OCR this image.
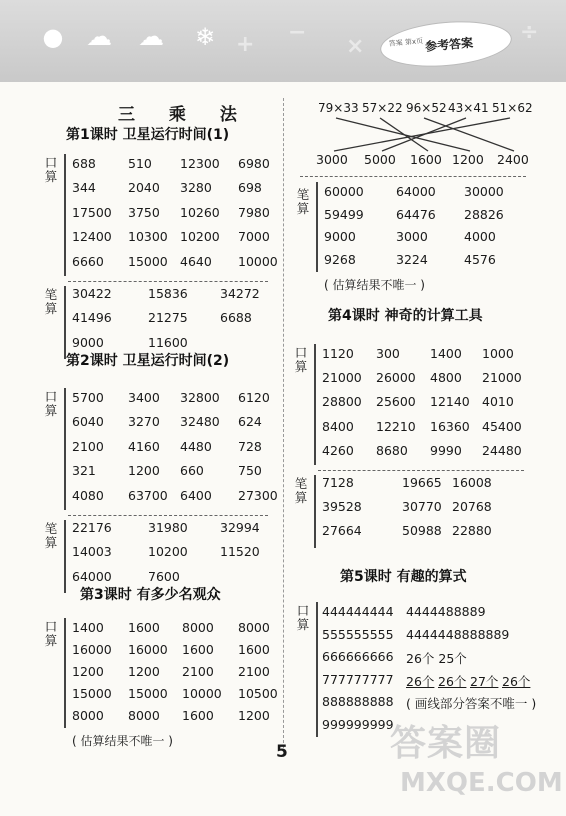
● ☁ ☁ ❄ + −
×
÷
答案 第x页 参考答案
三 乘 法
第1课时 卫星运行时间(1)
口
算
688	510 12300 6980
344	2040 3280 698
17500 3750 10260 7980
12400 10300 10200 7000
6660 15000 4640 10000
笔
算
30422	15836	34272
41496	21275	6688
9000	11600
第2课时 卫星运行时间(2)
口
算
5700 3400 32800 6120
6040 3270 32480 624
2100 4160 4480 728
321	1200 660	750
4080 63700 6400 27300
笔
算
22176	31980	32994
14003	10200	11520
64000	7600
第3课时 有多少名观众
口
算
1400 1600 8000 8000
16000 16000 1600 1600
1200 1200 2100 2100
15000 15000 10000 10500
8000 8000 1600 1200
( 估算结果不唯一 )
79×33 57×22 96×52 43×41 51×62
3000 5000 1600 1200 2400
笔
算
60000	64000 30000
59499	64476 28826
9000	3000	4000
9268	3224	4576
( 估算结果不唯一 )
第4课时 神奇的计算工具
口
算
1120 300 1400 1000
21000 26000 4800 21000
28800 25600 12140 4010
8400 12210 16360 45400
4260 8680 9990 24480
笔
算
7128	19665 16008
39528	30770 20768
27664	50988 22880
第5课时 有趣的算式
口
算
444444444 4444488889
555555555 4444448888889
666666666 26个 25个
777777777 26个 26个 27个 26个
888888888 ( 画线部分答案不唯一 )
999999999
5	答案圈
MXQE.COM
